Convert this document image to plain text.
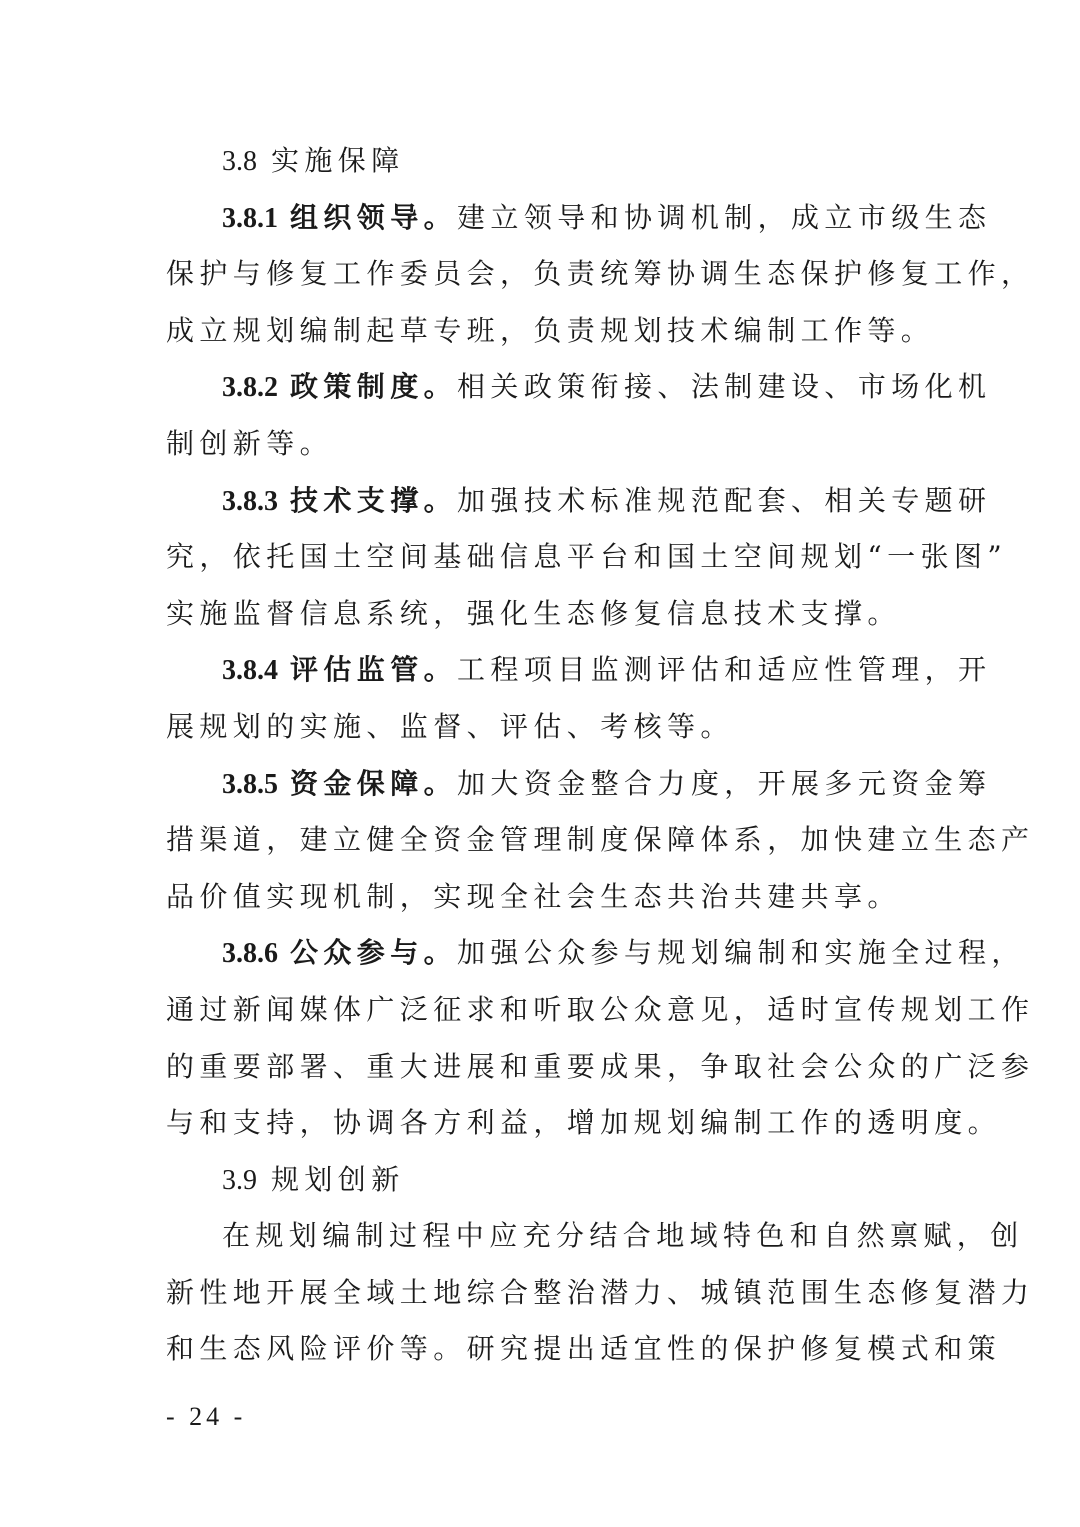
3.8 实施保障
3.8.1 组织领导。建立领导和协调机制，成立市级生态
保护与修复工作委员会，负责统筹协调生态保护修复工作，
成立规划编制起草专班，负责规划技术编制工作等。
3.8.2 政策制度。相关政策衔接、法制建设、市场化机
制创新等。
3.8.3 技术支撑。加强技术标准规范配套、相关专题研
究，依托国土空间基础信息平台和国土空间规划“一张图”
实施监督信息系统，强化生态修复信息技术支撑。
3.8.4 评估监管。工程项目监测评估和适应性管理，开
展规划的实施、监督、评估、考核等。
3.8.5 资金保障。加大资金整合力度，开展多元资金筹
措渠道，建立健全资金管理制度保障体系，加快建立生态产
品价值实现机制，实现全社会生态共治共建共享。
3.8.6 公众参与。加强公众参与规划编制和实施全过程，
通过新闻媒体广泛征求和听取公众意见，适时宣传规划工作
的重要部署、重大进展和重要成果，争取社会公众的广泛参
与和支持，协调各方利益，增加规划编制工作的透明度。
3.9 规划创新
在规划编制过程中应充分结合地域特色和自然禀赋，创
新性地开展全域土地综合整治潜力、城镇范围生态修复潜力
和生态风险评价等。研究提出适宜性的保护修复模式和策
- 24 -
